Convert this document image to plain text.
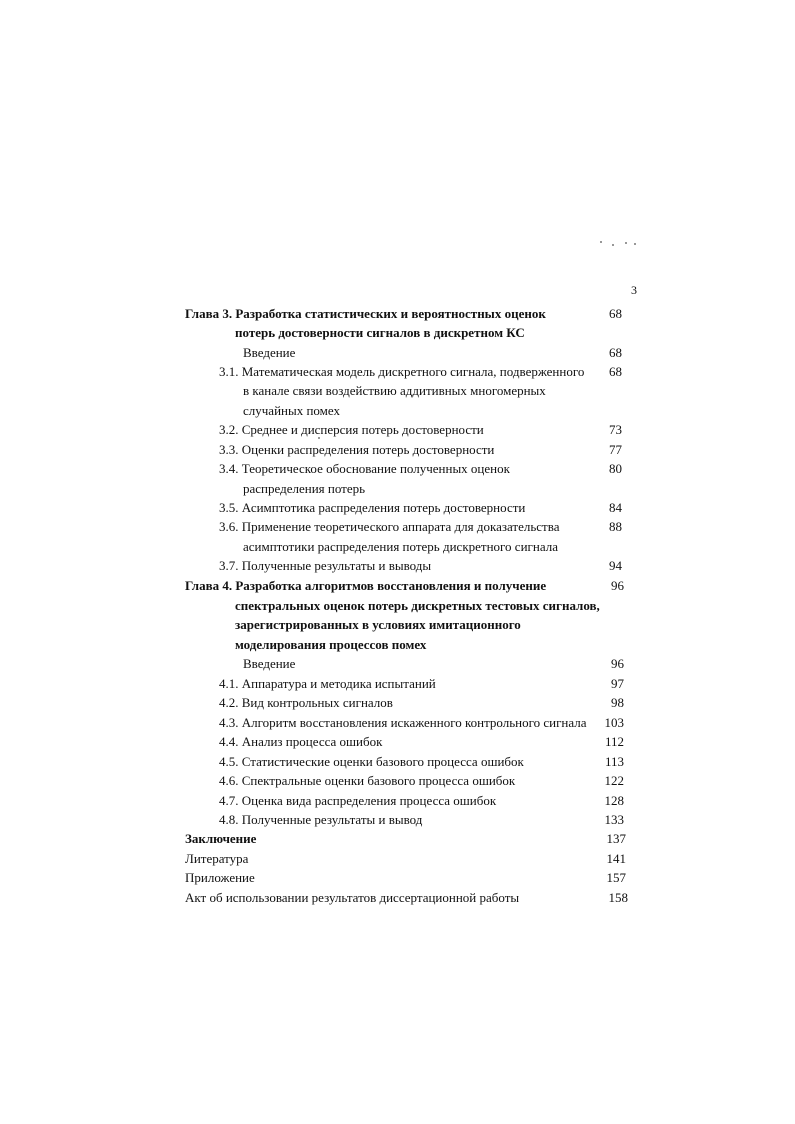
3
Глава 3. Разработка статистических и вероятностных оценок	68
потерь достоверности сигналов в дискретном КС
Введение	68
3.1. Математическая модель дискретного сигнала, подверженного	68
в канале связи воздействию аддитивных многомерных
случайных помех
3.2. Среднее и дисперсия потерь достоверности	73
3.3. Оценки распределения потерь достоверности	77
3.4. Теоретическое обоснование полученных оценок	80
распределения потерь
3.5. Асимптотика распределения потерь достоверности	84
3.6. Применение теоретического аппарата для доказательства	88
асимптотики распределения потерь дискретного сигнала
3.7. Полученные результаты и выводы	94
Глава 4. Разработка алгоритмов восстановления и получение	96
спектральных оценок потерь дискретных тестовых сигналов,
зарегистрированных в условиях имитационного
моделирования процессов помех
Введение	96
4.1. Аппаратура и методика испытаний	97
4.2. Вид контрольных сигналов	98
4.3. Алгоритм восстановления искаженного контрольного сигнала	103
4.4. Анализ процесса ошибок	112
4.5. Статистические оценки базового процесса ошибок	113
4.6. Спектральные оценки базового процесса ошибок	122
4.7. Оценка вида распределения процесса ошибок	128
4.8. Полученные результаты и вывод	133
Заключение	137
Литература	141
Приложение	157
Акт об использовании результатов диссертационной работы	158
